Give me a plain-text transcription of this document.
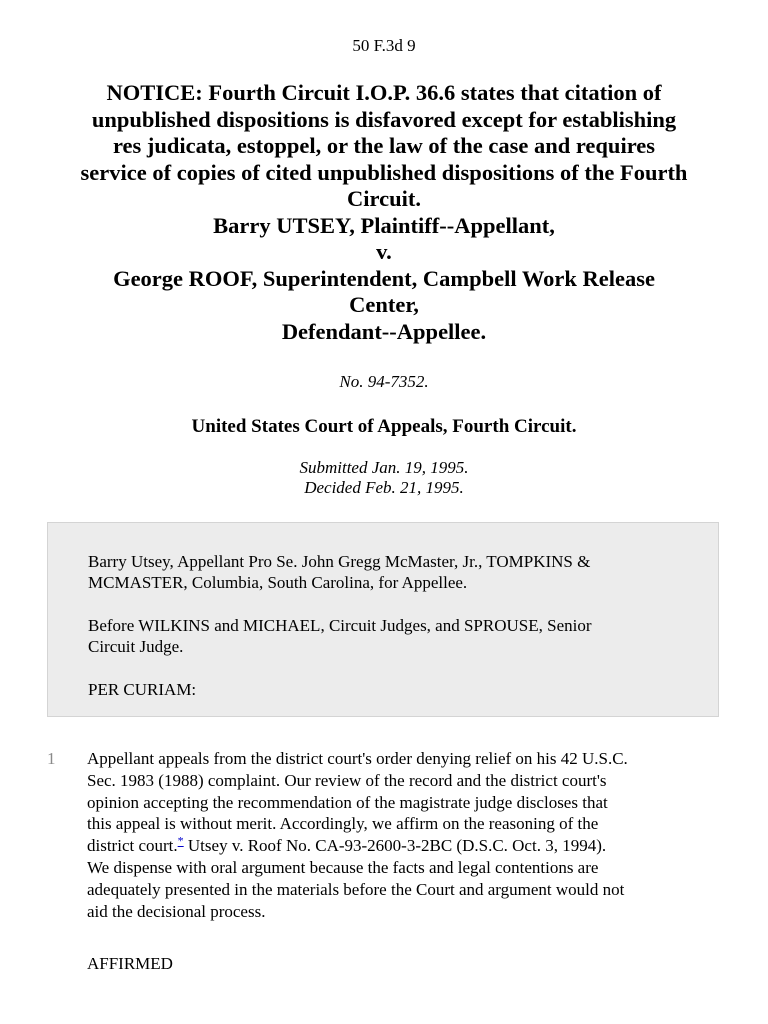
50 F.3d 9
NOTICE: Fourth Circuit I.O.P. 36.6 states that citation of
unpublished dispositions is disfavored except for establishing
res judicata, estoppel, or the law of the case and requires
service of copies of cited unpublished dispositions of the Fourth
Circuit.
Barry UTSEY, Plaintiff--Appellant,
v.
George ROOF, Superintendent, Campbell Work Release
Center,
Defendant--Appellee.
No. 94-7352.
United States Court of Appeals, Fourth Circuit.
Submitted Jan. 19, 1995.
Decided Feb. 21, 1995.
Barry Utsey, Appellant Pro Se. John Gregg McMaster, Jr., TOMPKINS &
MCMASTER, Columbia, South Carolina, for Appellee.
Before WILKINS and MICHAEL, Circuit Judges, and SPROUSE, Senior
Circuit Judge.
PER CURIAM:
1 Appellant appeals from the district court's order denying relief on his 42 U.S.C.
Sec. 1983 (1988) complaint. Our review of the record and the district court's
opinion accepting the recommendation of the magistrate judge discloses that
this appeal is without merit. Accordingly, we affirm on the reasoning of the
district court.* Utsey v. Roof No. CA-93-2600-3-2BC (D.S.C. Oct. 3, 1994).
We dispense with oral argument because the facts and legal contentions are
adequately presented in the materials before the Court and argument would not
aid the decisional process.
AFFIRMED
